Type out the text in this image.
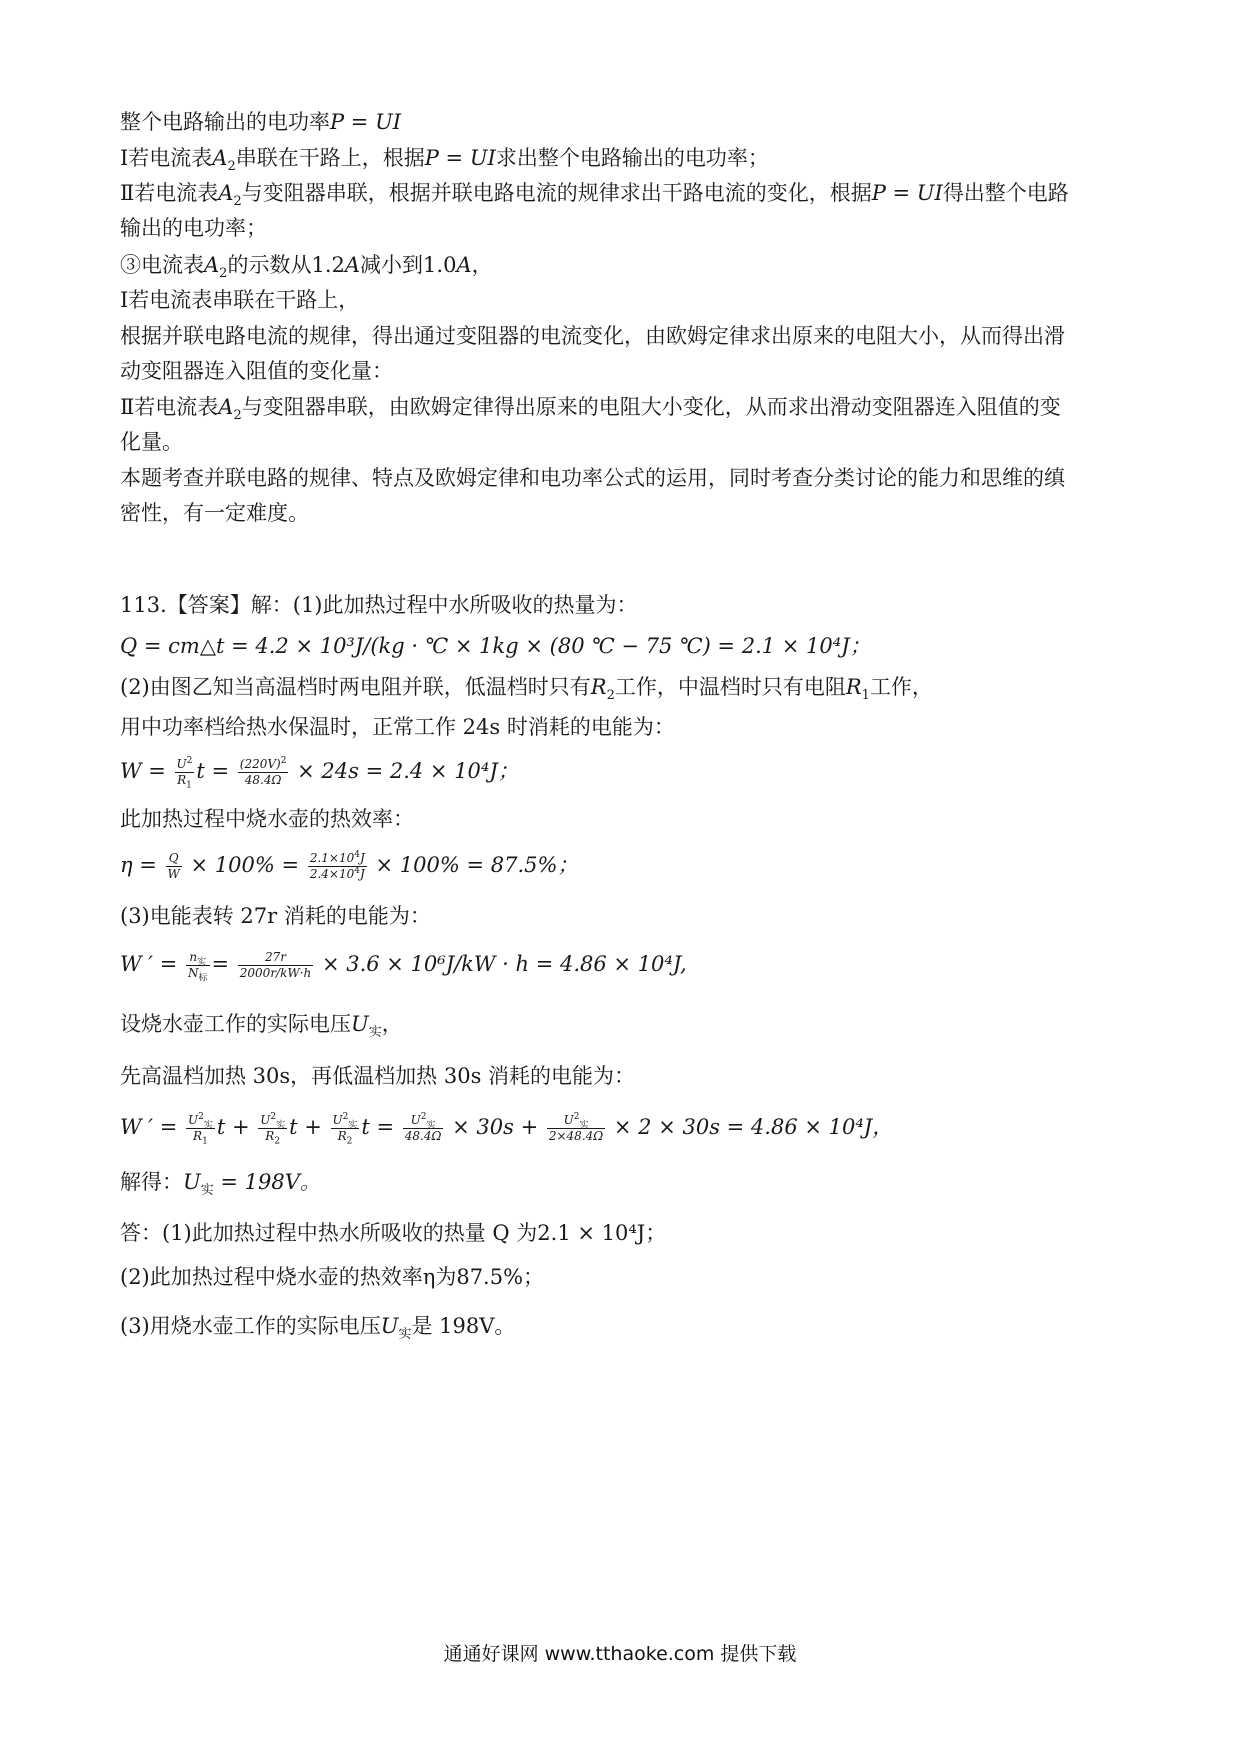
整个电路输出的电功率P = UI
Ⅰ若电流表$A_2$串联在干路上，根据P = UI求出整个电路输出的电功率；
Ⅱ若电流表$A_2$与变阻器串联，根据并联电路电流的规律求出干路电流的变化，根据P = UI得出整个电路
输出的电功率；
③电流表$A_2$的示数从1.2A减小到1.0A，
Ⅰ若电流表串联在干路上，
根据并联电路电流的规律，得出通过变阻器的电流变化，由欧姆定律求出原来的电阻大小，从而得出滑
动变阻器连入阻值的变化量：
Ⅱ若电流表$A_2$与变阻器串联，由欧姆定律得出原来的电阻大小变化，从而求出滑动变阻器连入阻值的变
化量。
本题考查并联电路的规律、特点及欧姆定律和电功率公式的运用，同时考查分类讨论的能力和思维的缜
密性，有一定难度。
113.【答案】解：(1)此加热过程中水所吸收的热量为：
Q = cm△t = 4.2 × 10³J/(kg · ℃ × 1kg × (80 ℃ − 75 ℃) = 2.1 × 10⁴J；
(2)由图乙知当高温档时两电阻并联，低温档时只有$R_2$工作，中温档时只有电阻$R_1$工作，
用中功率档给热水保温时，正常工作 24s 时消耗的电能为：
$W = \frac{U^2}{R_1}$ $t = \frac{(220V)^2}{48.4\Omega} \times 24s = 2.4 \times 10^4J$；
此加热过程中烧水壶的热效率：
$\eta = \frac{Q}{W} \times 100\% = \frac{2.1\times 10^4J}{2.4\times 10^4J} \times 100\% = 87.5\%$；
(3)电能表转 27r 消耗的电能为：
W ′ = $\frac{n_实}{N_标} = \frac{27r}{2000r/kW\cdot h} \times 3.6 \times 10^6J/kW \cdot h = 4.86 \times 10^4J$,
设烧水壶工作的实际电压$U_实$，
先高温档加热 30s，再低温档加热 30s 消耗的电能为：
W ′ = $\frac{U^2_实}{R_1}$ $t + \frac{U^2_实}{R_2}$ $t + \frac{U^2_实}{R_2}$ $t = \frac{U^2_实}{48.4\Omega} \times 30s + \frac{U^2_实}{2\times 48.4\Omega} \times 2 \times 30s = 4.86 \times 10^4J$，
解得：$U_实 = 198V$。
答：(1)此加热过程中热水所吸收的热量 Q 为2.1 × 10⁴J；
(2)此加热过程中烧水壶的热效率η为87.5%；
(3)用烧水壶工作的实际电压$U_实$是 198V。
通通好课网 www.tthaoke.com 提供下载
